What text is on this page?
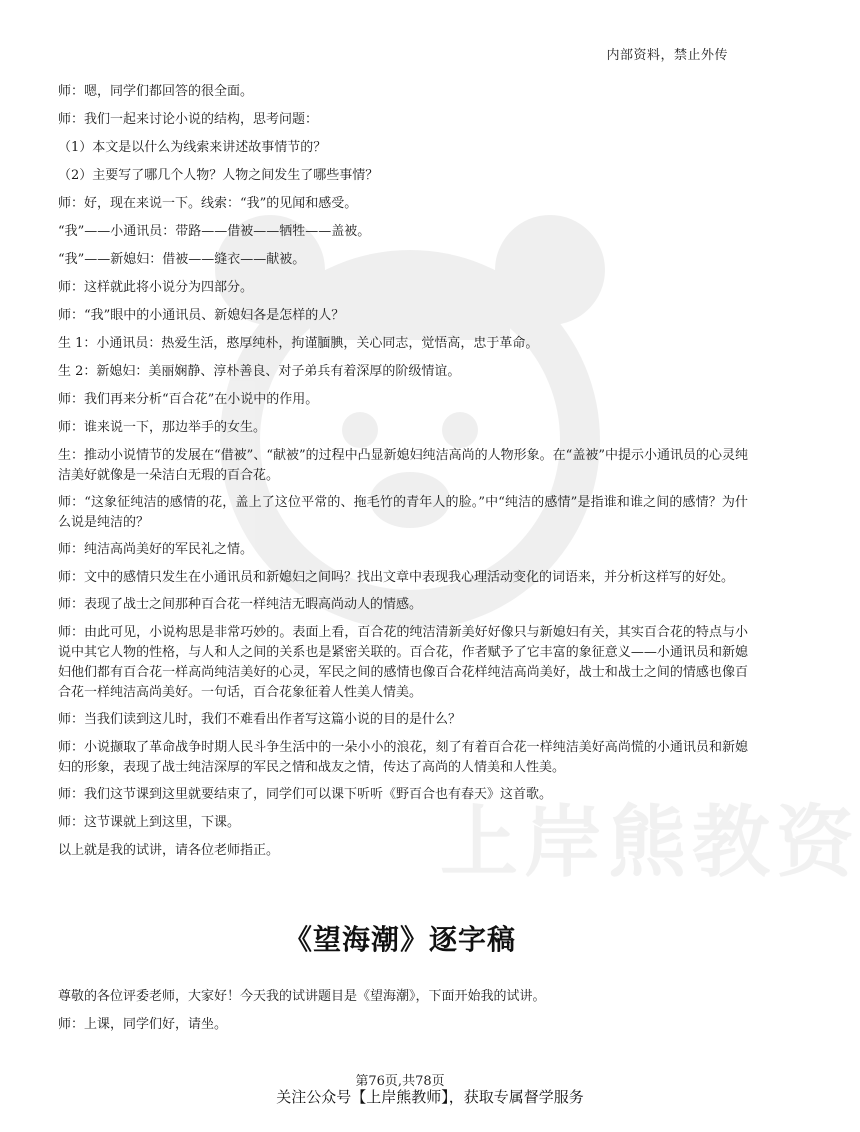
上岸熊教资
内部资料，禁止外传

师：嗯，同学们都回答的很全面。

师：我们一起来讨论小说的结构，思考问题：

（1）本文是以什么为线索来讲述故事情节的？

（2）主要写了哪几个人物？人物之间发生了哪些事情？

师：好，现在来说一下。线索：“我”的见闻和感受。

“我”——小通讯员：带路——借被——牺牲——盖被。

“我”——新媳妇：借被——缝衣——献被。

师：这样就此将小说分为四部分。

师：“我”眼中的小通讯员、新媳妇各是怎样的人？

生 1：小通讯员：热爱生活，憨厚纯朴，拘谨腼腆，关心同志，觉悟高，忠于革命。

生 2：新媳妇：美丽娴静、淳朴善良、对子弟兵有着深厚的阶级情谊。

师：我们再来分析“百合花”在小说中的作用。

师：谁来说一下，那边举手的女生。

生：推动小说情节的发展在“借被”、“献被”的过程中凸显新媳妇纯洁高尚的人物形象。在“盖被”中提示小通讯员的心灵纯洁美好就像是一朵洁白无瑕的百合花。

师：“这象征纯洁的感情的花，盖上了这位平常的、拖毛竹的青年人的脸。”中“纯洁的感情”是指谁和谁之间的感情？为什么说是纯洁的？

师：纯洁高尚美好的军民礼之情。

师：文中的感情只发生在小通讯员和新媳妇之间吗？找出文章中表现我心理活动变化的词语来，并分析这样写的好处。

师：表现了战士之间那种百合花一样纯洁无暇高尚动人的情感。

师：由此可见，小说构思是非常巧妙的。表面上看，百合花的纯洁清新美好好像只与新媳妇有关，其实百合花的特点与小说中其它人物的性格，与人和人之间的关系也是紧密关联的。百合花，作者赋予了它丰富的象征意义——小通讯员和新媳妇他们都有百合花一样高尚纯洁美好的心灵，军民之间的感情也像百合花样纯洁高尚美好，战士和战士之间的情感也像百合花一样纯洁高尚美好。一句话，百合花象征着人性美人情美。

师：当我们读到这儿时，我们不难看出作者写这篇小说的目的是什么？

师：小说撷取了革命战争时期人民斗争生活中的一朵小小的浪花，刻了有着百合花一样纯洁美好高尚慌的小通讯员和新媳妇的形象，表现了战士纯洁深厚的军民之情和战友之情，传达了高尚的人情美和人性美。

师：我们这节课到这里就要结束了，同学们可以课下听听《野百合也有春天》这首歌。

师：这节课就上到这里，下课。

以上就是我的试讲，请各位老师指正。

《望海潮》逐字稿

尊敬的各位评委老师，大家好！今天我的试讲题目是《望海潮》，下面开始我的试讲。

师：上课，同学们好，请坐。

第76页,共78页
关注公众号【上岸熊教师】，获取专属督学服务
